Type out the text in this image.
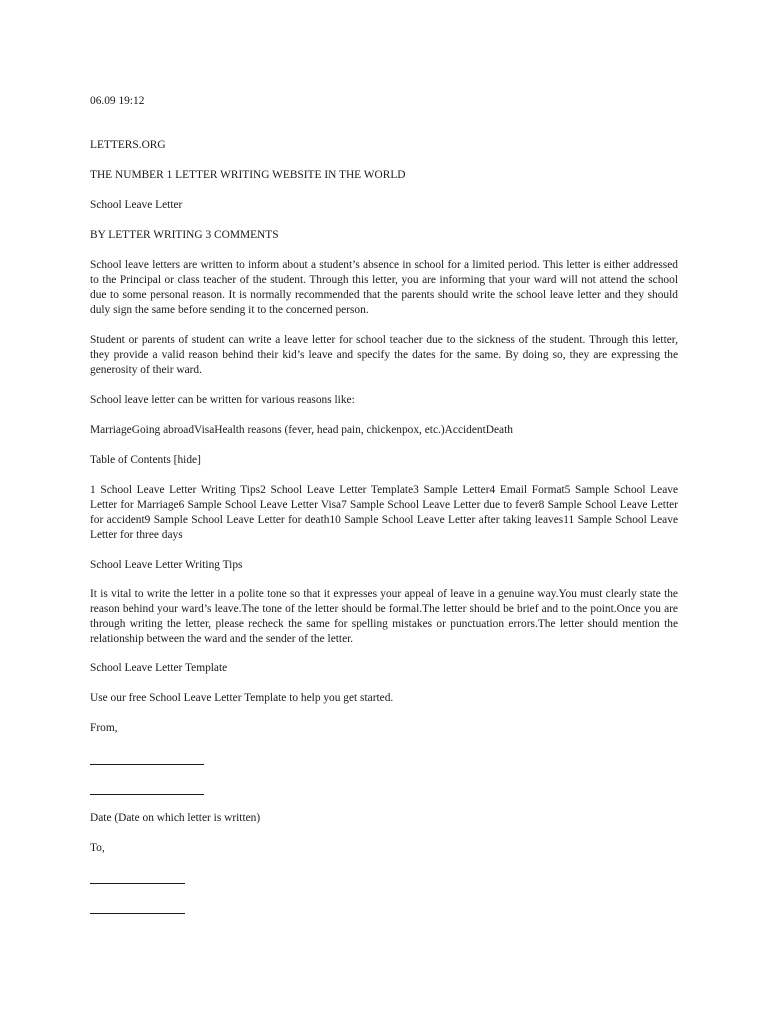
06.09 19:12

LETTERS.ORG

THE NUMBER 1 LETTER WRITING WEBSITE IN THE WORLD

School Leave Letter

BY LETTER WRITING 3 COMMENTS

School leave letters are written to inform about a student’s absence in school for a limited period. This letter is either addressed to the Principal or class teacher of the student. Through this letter, you are informing that your ward will not attend the school due to some personal reason. It is normally recommended that the parents should write the school leave letter and they should duly sign the same before sending it to the concerned person.

Student or parents of student can write a leave letter for school teacher due to the sickness of the student. Through this letter, they provide a valid reason behind their kid’s leave and specify the dates for the same. By doing so, they are expressing the generosity of their ward.

School leave letter can be written for various reasons like:

MarriageGoing abroadVisaHealth reasons (fever, head pain, chickenpox, etc.)AccidentDeath

Table of Contents [hide]

1 School Leave Letter Writing Tips2 School Leave Letter Template3 Sample Letter4 Email Format5 Sample School Leave Letter for Marriage6 Sample School Leave Letter Visa7 Sample School Leave Letter due to fever8 Sample School Leave Letter for accident9 Sample School Leave Letter for death10 Sample School Leave Letter after taking leaves11 Sample School Leave Letter for three days

School Leave Letter Writing Tips

It is vital to write the letter in a polite tone so that it expresses your appeal of leave in a genuine way.You must clearly state the reason behind your ward’s leave.The tone of the letter should be formal.The letter should be brief and to the point.Once you are through writing the letter, please recheck the same for spelling mistakes or punctuation errors.The letter should mention the relationship between the ward and the sender of the letter.

School Leave Letter Template

Use our free School Leave Letter Template to help you get started.

From,

Date (Date on which letter is written)

To,
